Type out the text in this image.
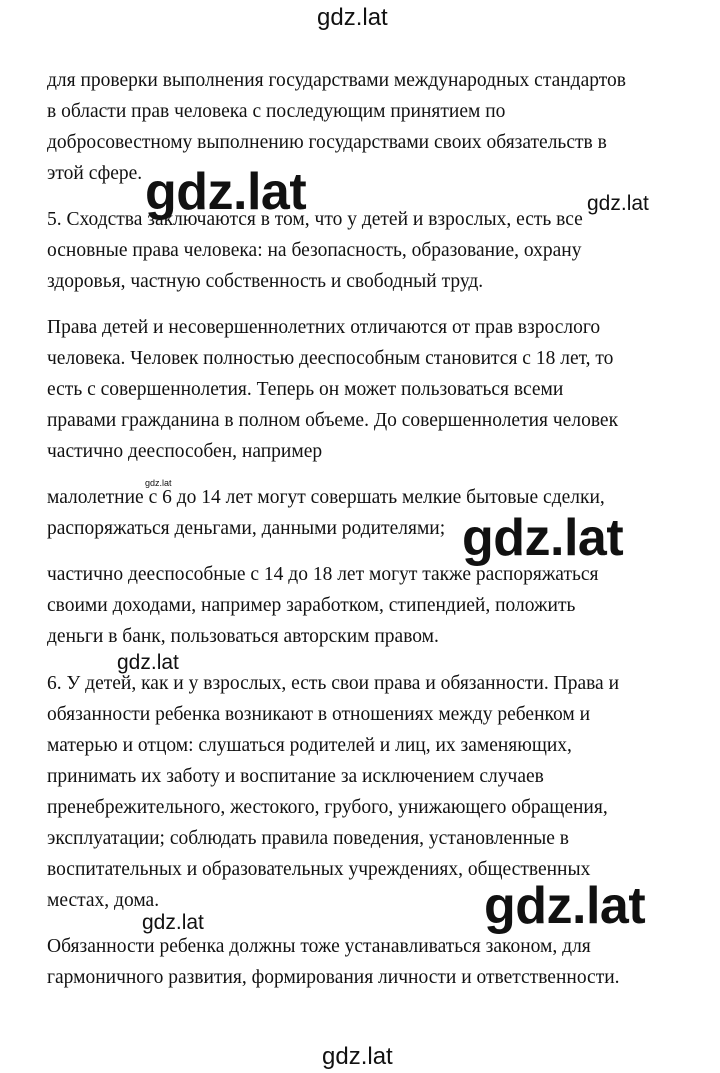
gdz.lat
для проверки выполнения государствами международных стандартов
в области прав человека с последующим принятием по
добросовестному выполнению государствами своих обязательств в
этой сфере.
5. Сходства заключаются в том, что у детей и взрослых, есть все
основные права человека: на безопасность, образование, охрану
здоровья, частную собственность и свободный труд.
Права детей и несовершеннолетних отличаются от прав взрослого
человека. Человек полностью дееспособным становится с 18 лет, то
есть с совершеннолетия. Теперь он может пользоваться всеми
правами гражданина в полном объеме. До совершеннолетия человек
частично дееспособен, например
малолетние с 6 до 14 лет могут совершать мелкие бытовые сделки,
распоряжаться деньгами, данными родителями;
частично дееспособные с 14 до 18 лет могут также распоряжаться
своими доходами, например заработком, стипендией, положить
деньги в банк, пользоваться авторским правом.
6. У детей, как и у взрослых, есть свои права и обязанности. Права и
обязанности ребенка возникают в отношениях между ребенком и
матерью и отцом: слушаться родителей и лиц, их заменяющих,
принимать их заботу и воспитание за исключением случаев
пренебрежительного, жестокого, грубого, унижающего обращения,
эксплуатации; соблюдать правила поведения, установленные в
воспитательных и образовательных учреждениях, общественных
местах, дома.
Обязанности ребенка должны тоже устанавливаться законом, для
гармоничного развития, формирования личности и ответственности.
gdz.lat	gdz.lat
gdz.lat
gdz.lat
gdz.lat
gdz.lat
gdz.lat
gdz.lat
